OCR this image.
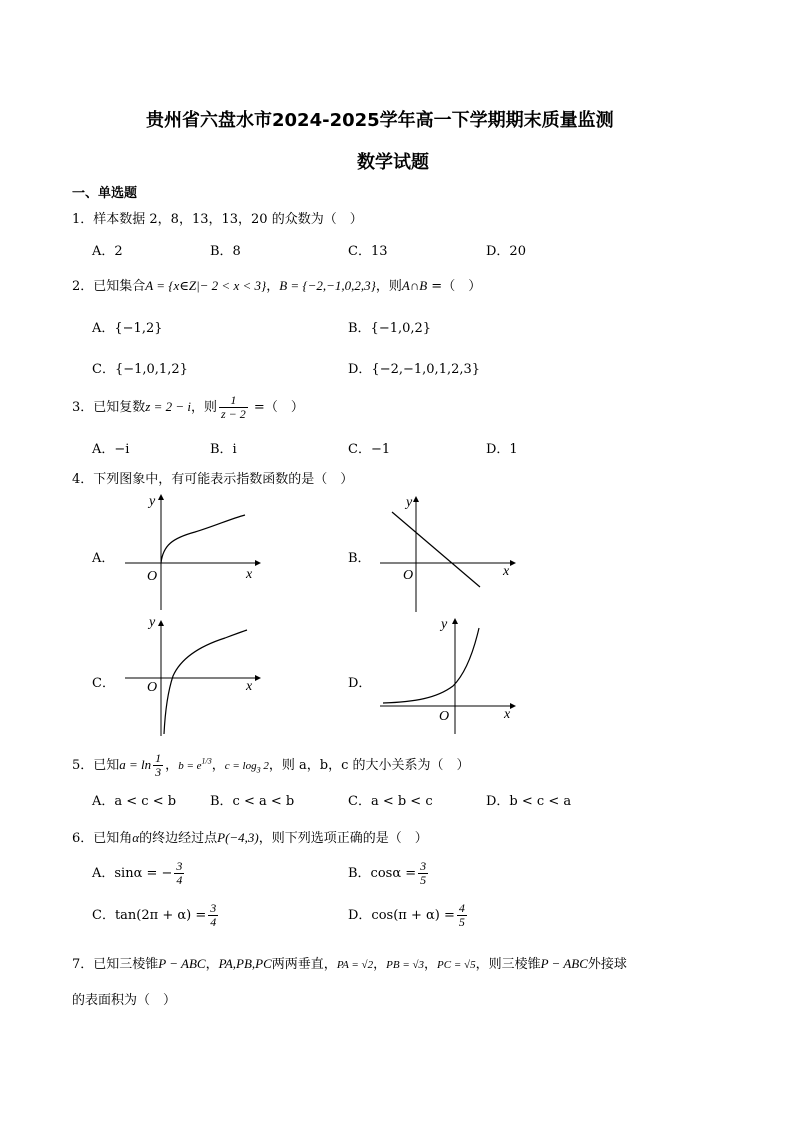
贵州省六盘水市2024-2025学年高一下学期期末质量监测
数学试题
一、单选题
1．样本数据 2，8，13，13，20 的众数为（　）
A．2	B．8	C．13	D．20
2．已知集合A = {x∈Z|− 2 < x < 3}，B = {−2,−1,0,2,3}，则A∩B =（　）
A．{−1,2}	B．{−1,0,2}
C．{−1,0,1,2}	D．{−2,−1,0,1,2,3}
3．已知复数z = 2 − i，则 $\frac{1}{z - 2}$ =（　）
A．−i	B．i	C．−1	D．1
4．下列图象中，有可能表示指数函数的是（　）
A．	B．
C．	D．
O	x
y
O	x
y
O	x
y
O	x
y
5．已知$a = \ln \frac{1}{3}$ ，$b = e^{1/3}$，$c = \log_3 2$，则 a，b，c 的大小关系为（　）
A．a < c < b	B．c < a < b	C．a < b < c	D．b < c < a
6．已知角α的终边经过点P(−4,3)，则下列选项正确的是（　）
A．sinα = − $\frac{3}{4}$	B．$\cos\alpha = \frac{3}{5}$
C．$\tan(2\pi + \alpha) = \frac{3}{4}$	D．$\cos(\pi + \alpha) = \frac{4}{5}$
7．已知三棱锥P − ABC，PA,PB,PC两两垂直，PA = √2，PB = √3，PC = √5，则三棱锥P − ABC外接球
的表面积为（　）
